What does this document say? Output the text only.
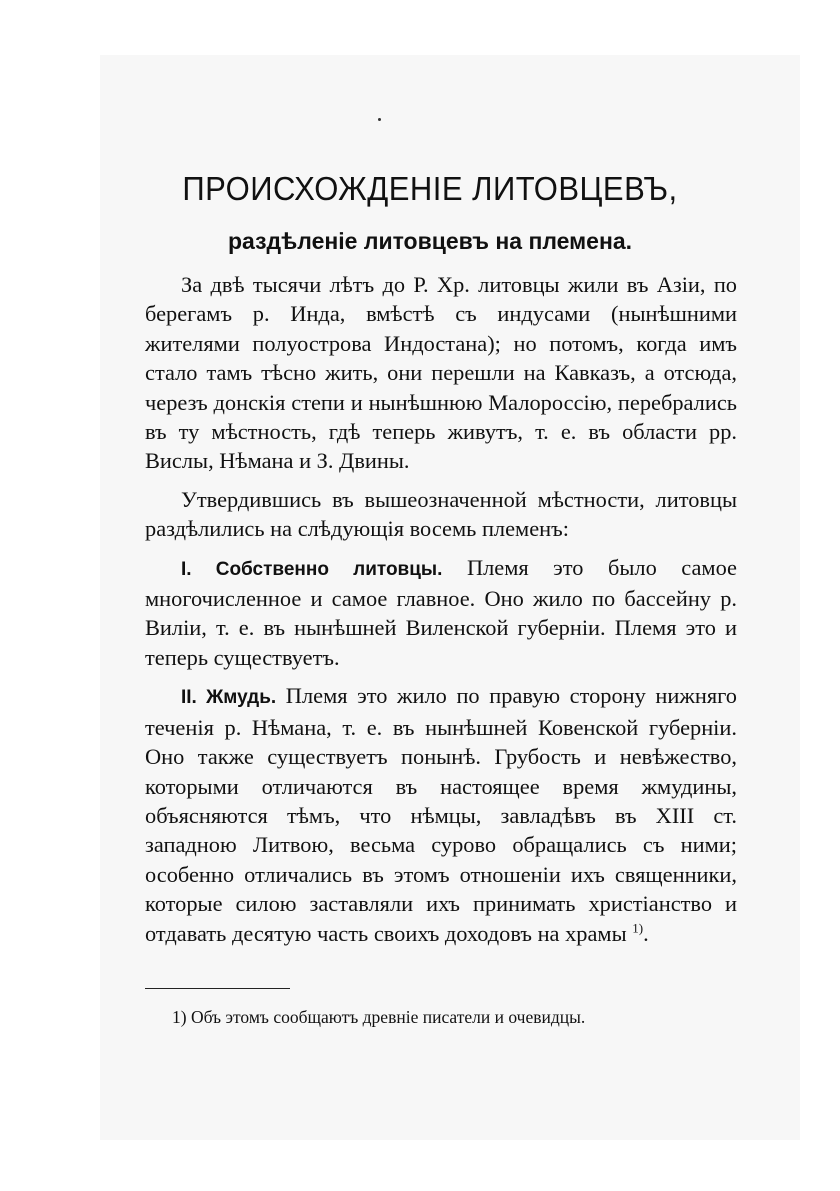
ПРОИСХОЖДЕНІЕ ЛИТОВЦЕВЪ,
раздѣленіе литовцевъ на племена.

За двѣ тысячи лѣтъ до Р. Хр. литовцы жили въ Азіи, по берегамъ р. Инда, вмѣстѣ съ индусами (нынѣшними жителями полуострова Индостана); но потомъ, когда имъ стало тамъ тѣсно жить, они перешли на Кавказъ, а отсюда, черезъ донскія степи и нынѣшнюю Малороссію, перебрались въ ту мѣстность, гдѣ теперь живутъ, т. е. въ области рр. Вислы, Нѣмана и З. Двины.

Утвердившись въ вышеозначенной мѣстности, литовцы раздѣлились на слѣдующія восемь племенъ:

I. Собственно литовцы. Племя это было самое многочисленное и самое главное. Оно жило по бассейну р. Виліи, т. е. въ нынѣшней Виленской губерніи. Племя это и теперь существуетъ.

II. Жмудь. Племя это жило по правую сторону нижняго теченія р. Нѣмана, т. е. въ нынѣшней Ковенской губерніи. Оно также существуетъ понынѣ. Грубость и невѣжество, которыми отличаются въ настоящее время жмудины, объясняются тѣмъ, что нѣмцы, завладѣвъ въ XIII ст. западною Литвою, весьма сурово обращались съ ними; особенно отличались въ этомъ отношеніи ихъ священники, которые силою заставляли ихъ принимать христіанство и отдавать десятую часть своихъ доходовъ на храмы $^{1)}$.

1) Объ этомъ сообщаютъ древніе писатели и очевидцы.
